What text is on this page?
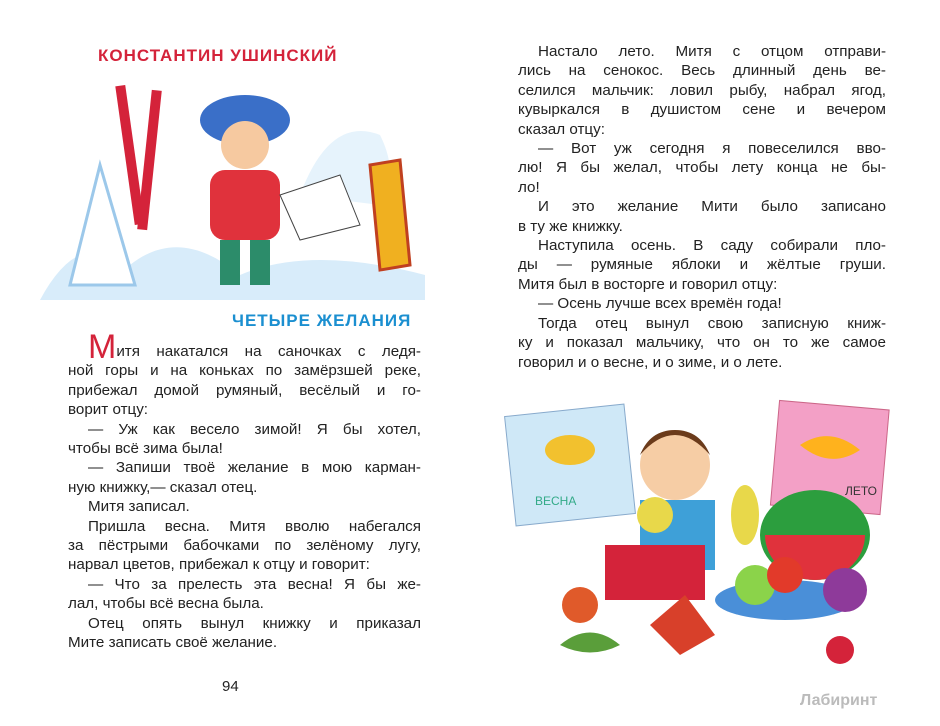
КОНСТАНТИН УШИНСКИЙ
ЧЕТЫРЕ ЖЕЛАНИЯ
Митя накатался на саночках с ледя-
ной горы и на коньках по замёрзшей реке,
прибежал домой румяный, весёлый и го-
ворит отцу:
— Уж как весело зимой! Я бы хотел,
чтобы всё зима была!
— Запиши твоё желание в мою карман-
ную книжку,— сказал отец.
Митя записал.
Пришла весна. Митя вволю набегался
за пёстрыми бабочками по зелёному лугу,
нарвал цветов, прибежал к отцу и говорит:
— Что за прелесть эта весна! Я бы же-
лал, чтобы всё весна была.
Отец опять вынул книжку и приказал
Мите записать своё желание.
Настало лето. Митя с отцом отправи-
лись на сенокос. Весь длинный день ве-
селился мальчик: ловил рыбу, набрал ягод,
кувыркался в душистом сене и вечером
сказал отцу:
— Вот уж сегодня я повеселился вво-
лю! Я бы желал, чтобы лету конца не бы-
ло!
И это желание Мити было записано
в ту же книжку.
Наступила осень. В саду собирали пло-
ды — румяные яблоки и жёлтые груши.
Митя был в восторге и говорил отцу:
— Осень лучше всех времён года!
Тогда отец вынул свою записную книж-
ку и показал мальчику, что он то же самое
говорил и о весне, и о зиме, и о лете.
ВЕСНА
ЛЕТО
94
Лабиринт
